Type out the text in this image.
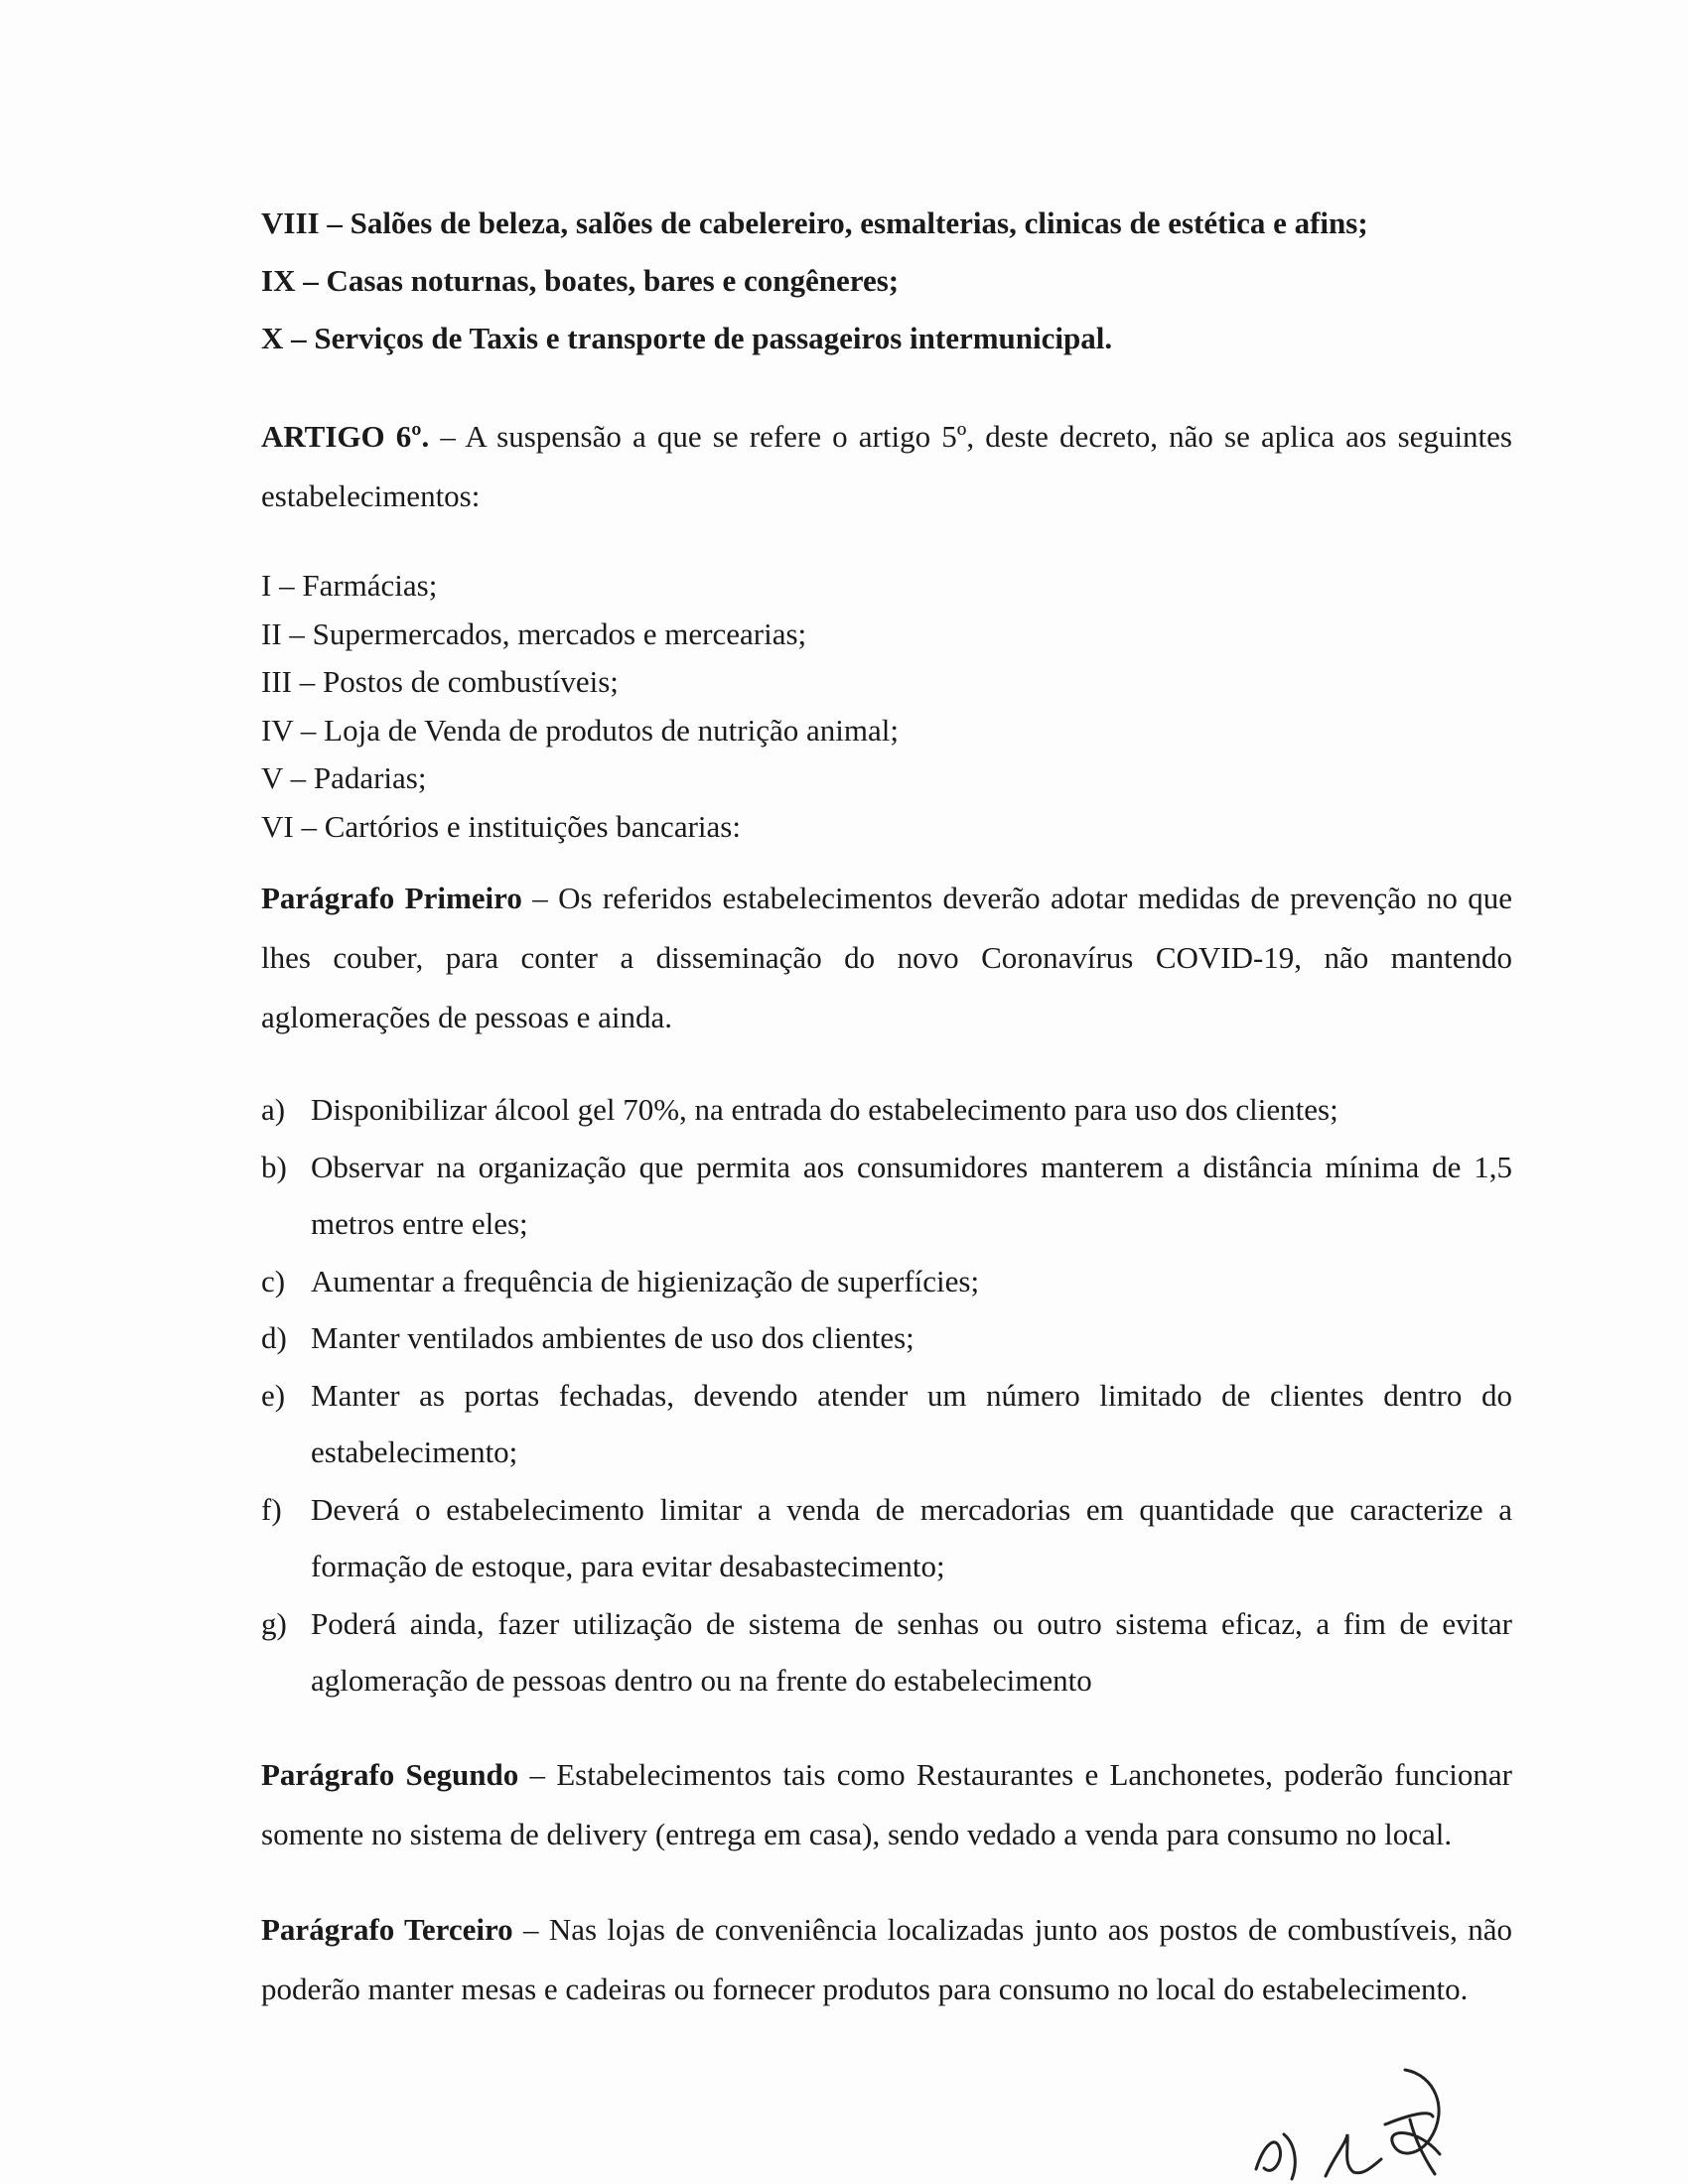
VIII – Salões de beleza, salões de cabelereiro, esmalterias, clinicas de estética e afins;

IX – Casas noturnas, boates, bares e congêneres;

X – Serviços de Taxis e transporte de passageiros intermunicipal.

ARTIGO 6º. – A suspensão a que se refere o artigo 5º, deste decreto, não se aplica aos seguintes estabelecimentos:

I – Farmácias;
II – Supermercados, mercados e mercearias;
III – Postos de combustíveis;
IV – Loja de Venda de produtos de nutrição animal;
V – Padarias;
VI – Cartórios e instituições bancarias:

Parágrafo Primeiro – Os referidos estabelecimentos deverão adotar medidas de prevenção no que lhes couber, para conter a disseminação do novo Coronavírus COVID-19, não mantendo aglomerações de pessoas e ainda.

a) Disponibilizar álcool gel 70%, na entrada do estabelecimento para uso dos clientes;
b) Observar na organização que permita aos consumidores manterem a distância mínima de 1,5 metros entre eles;
c) Aumentar a frequência de higienização de superfícies;
d) Manter ventilados ambientes de uso dos clientes;
e) Manter as portas fechadas, devendo atender um número limitado de clientes dentro do estabelecimento;
f) Deverá o estabelecimento limitar a venda de mercadorias em quantidade que caracterize a formação de estoque, para evitar desabastecimento;
g) Poderá ainda, fazer utilização de sistema de senhas ou outro sistema eficaz, a fim de evitar aglomeração de pessoas dentro ou na frente do estabelecimento

Parágrafo Segundo – Estabelecimentos tais como Restaurantes e Lanchonetes, poderão funcionar somente no sistema de delivery (entrega em casa), sendo vedado a venda para consumo no local.

Parágrafo Terceiro – Nas lojas de conveniência localizadas junto aos postos de combustíveis, não poderão manter mesas e cadeiras ou fornecer produtos para consumo no local do estabelecimento.
